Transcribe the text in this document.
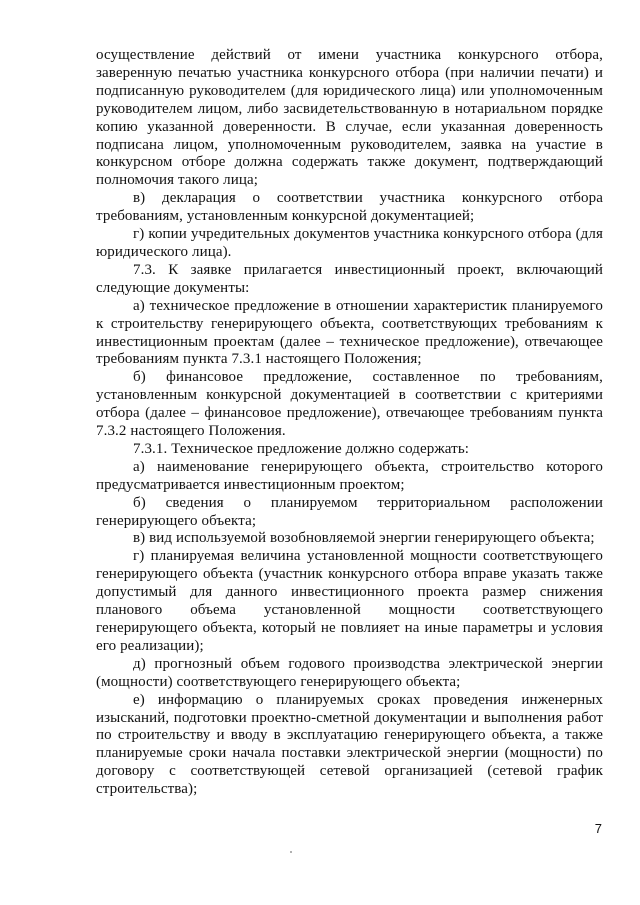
осуществление действий от имени участника конкурсного отбора, заверенную печатью участника конкурсного отбора (при наличии печати) и подписанную руководителем (для юридического лица) или уполномоченным руководителем лицом, либо засвидетельствованную в нотариальном порядке копию указанной доверенности. В случае, если указанная доверенность подписана лицом, уполномоченным руководителем, заявка на участие в конкурсном отборе должна содержать также документ, подтверждающий полномочия такого лица;

в) декларация о соответствии участника конкурсного отбора требованиям, установленным конкурсной документацией;

г) копии учредительных документов участника конкурсного отбора (для юридического лица).

7.3. К заявке прилагается инвестиционный проект, включающий следующие документы:

а) техническое предложение в отношении характеристик планируемого к строительству генерирующего объекта, соответствующих требованиям к инвестиционным проектам (далее – техническое предложение), отвечающее требованиям пункта 7.3.1 настоящего Положения;

б) финансовое предложение, составленное по требованиям, установленным конкурсной документацией в соответствии с критериями отбора (далее – финансовое предложение), отвечающее требованиям пункта 7.3.2 настоящего Положения.

7.3.1. Техническое предложение должно содержать:

а) наименование генерирующего объекта, строительство которого предусматривается инвестиционным проектом;

б) сведения о планируемом территориальном расположении генерирующего объекта;

в) вид используемой возобновляемой энергии генерирующего объекта;

г) планируемая величина установленной мощности соответствующего генерирующего объекта (участник конкурсного отбора вправе указать также допустимый для данного инвестиционного проекта размер снижения планового объема установленной мощности соответствующего генерирующего объекта, который не повлияет на иные параметры и условия его реализации);

д) прогнозный объем годового производства электрической энергии (мощности) соответствующего генерирующего объекта;

е) информацию о планируемых сроках проведения инженерных изысканий, подготовки проектно-сметной документации и выполнения работ по строительству и вводу в эксплуатацию генерирующего объекта, а также планируемые сроки начала поставки электрической энергии (мощности) по договору с соответствующей сетевой организацией (сетевой график строительства);

7
